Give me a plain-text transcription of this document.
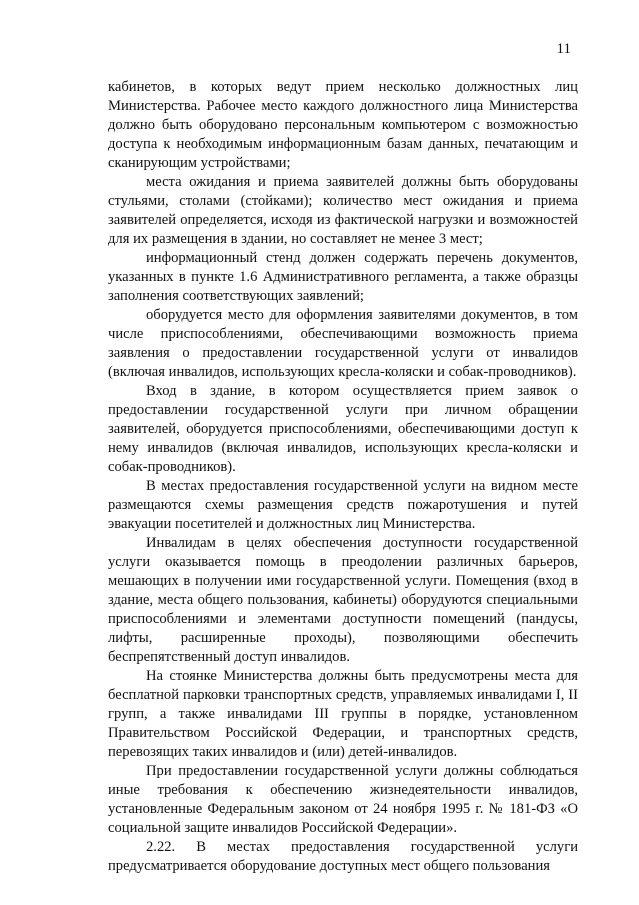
11

кабинетов, в которых ведут прием несколько должностных лиц Министерства. Рабочее место каждого должностного лица Министерства должно быть оборудовано персональным компьютером с возможностью доступа к необходимым информационным базам данных, печатающим и сканирующим устройствами;

места ожидания и приема заявителей должны быть оборудованы стульями, столами (стойками); количество мест ожидания и приема заявителей определяется, исходя из фактической нагрузки и возможностей для их размещения в здании, но составляет не менее 3 мест;

информационный стенд должен содержать перечень документов, указанных в пункте 1.6 Административного регламента, а также образцы заполнения соответствующих заявлений;

оборудуется место для оформления заявителями документов, в том числе приспособлениями, обеспечивающими возможность приема заявления о предоставлении государственной услуги от инвалидов (включая инвалидов, использующих кресла-коляски и собак-проводников).

Вход в здание, в котором осуществляется прием заявок о предоставлении государственной услуги при личном обращении заявителей, оборудуется приспособлениями, обеспечивающими доступ к нему инвалидов (включая инвалидов, использующих кресла-коляски и собак-проводников).

В местах предоставления государственной услуги на видном месте размещаются схемы размещения средств пожаротушения и путей эвакуации посетителей и должностных лиц Министерства.

Инвалидам в целях обеспечения доступности государственной услуги оказывается помощь в преодолении различных барьеров, мешающих в получении ими государственной услуги. Помещения (вход в здание, места общего пользования, кабинеты) оборудуются специальными приспособлениями и элементами доступности помещений (пандусы, лифты, расширенные проходы), позволяющими обеспечить беспрепятственный доступ инвалидов.

На стоянке Министерства должны быть предусмотрены места для бесплатной парковки транспортных средств, управляемых инвалидами I, II групп, а также инвалидами III группы в порядке, установленном Правительством Российской Федерации, и транспортных средств, перевозящих таких инвалидов и (или) детей-инвалидов.

При предоставлении государственной услуги должны соблюдаться иные требования к обеспечению жизнедеятельности инвалидов, установленные Федеральным законом от 24 ноября 1995 г. № 181-ФЗ «О социальной защите инвалидов Российской Федерации».

2.22. В местах предоставления государственной услуги предусматривается оборудование доступных мест общего пользования
